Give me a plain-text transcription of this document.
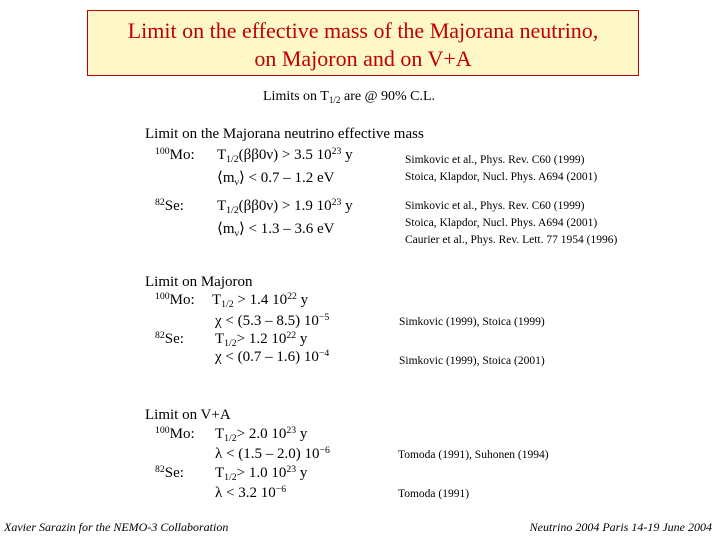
Limit on the effective mass of the Majorana neutrino,
on Majoron and on V+A
Limits on $T_{1/2}$ are @ 90% C.L.
Limit on the Majorana neutrino effective mass
$^{100}$Mo: $T_{1/2}(\beta\beta 0\nu) > 3.5$ $10^{23}$ y
$⟨m_\nu⟩ < 0.7 - 1.2$ eV
Simkovic et al., Phys. Rev. C60 (1999)
Stoica, Klapdor, Nucl. Phys. A694 (2001)
$^{82}$Se: $T_{1/2}(\beta\beta 0\nu) > 1.9$ $10^{23}$ y
$⟨m_\nu⟩ < 1.3 - 3.6$ eV
Simkovic et al., Phys. Rev. C60 (1999)
Stoica, Klapdor, Nucl. Phys. A694 (2001)
Caurier et al., Phys. Rev. Lett. 77 1954 (1996)
Limit on Majoron
$^{100}$Mo: $T_{1/2} > 1.4$ $10^{22}$ y
χ < (5.3 – 8.5) $10^{-5}$	Simkovic (1999), Stoica (1999)
$^{82}$Se: $T_{1/2}> 1.2$ $10^{22}$ y
χ < (0.7 – 1.6) $10^{-4}$
Simkovic (1999), Stoica (2001)
Limit on V+A
$^{100}$Mo: $T_{1/2}> 2.0$ $10^{23}$ y
λ < (1.5 – 2.0) $10^{-6}$	Tomoda (1991), Suhonen (1994)
$^{82}$Se: $T_{1/2}> 1.0$ $10^{23}$ y
λ < 3.2 $10^{-6}$	Tomoda (1991)
Xavier Sarazin for the NEMO-3 Collaboration	Neutrino 2004 Paris 14-19 June 2004
